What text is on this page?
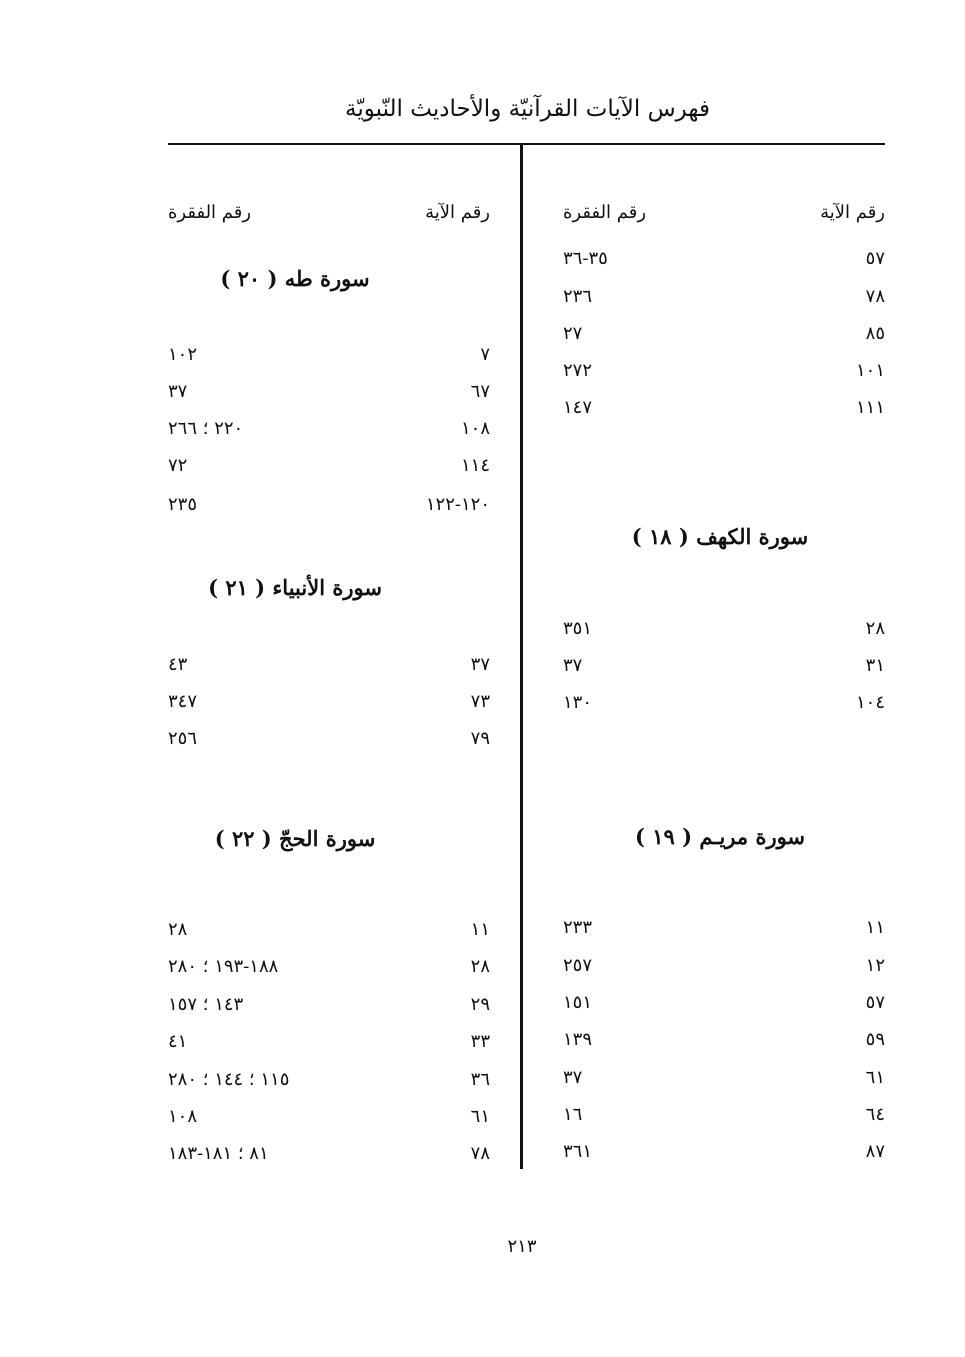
فهرس الآيات القرآنيّة والأحاديث النّبويّة
رقم الآية
رقم الفقرة
رقم الآية
رقم الفقرة
٥٧
٣٥-٣٦
٧٨
٢٣٦
٨٥
٢٧
١٠١
٢٧٢
١١١
١٤٧
سورة الكهف ( ١٨ )
٢٨
٣٥١
٣١
٣٧
١٠٤
١٣٠
سورة مريـم ( ١٩ )
١١
٢٣٣
١٢
٢٥٧
٥٧
١٥١
٥٩
١٣٩
٦١
٣٧
٦٤
١٦
٨٧
٣٦١
سورة طه ( ٢٠ )
٧
١٠٢
٦٧
٣٧
١٠٨
٢٢٠ ؛ ٢٦٦
١١٤
٧٢
١٢٠-١٢٢
٢٣٥
سورة الأنبياء ( ٢١ )
٣٧
٤٣
٧٣
٣٤٧
٧٩
٢٥٦
سورة الحجّ ( ٢٢ )
١١
٢٨
٢٨
١٨٨-١٩٣ ؛ ٢٨٠
٢٩
١٤٣ ؛ ١٥٧
٣٣
٤١
٣٦
١١٥ ؛ ١٤٤ ؛ ٢٨٠
٦١
١٠٨
٧٨
٨١ ؛ ١٨١-١٨٣
٢١٣
